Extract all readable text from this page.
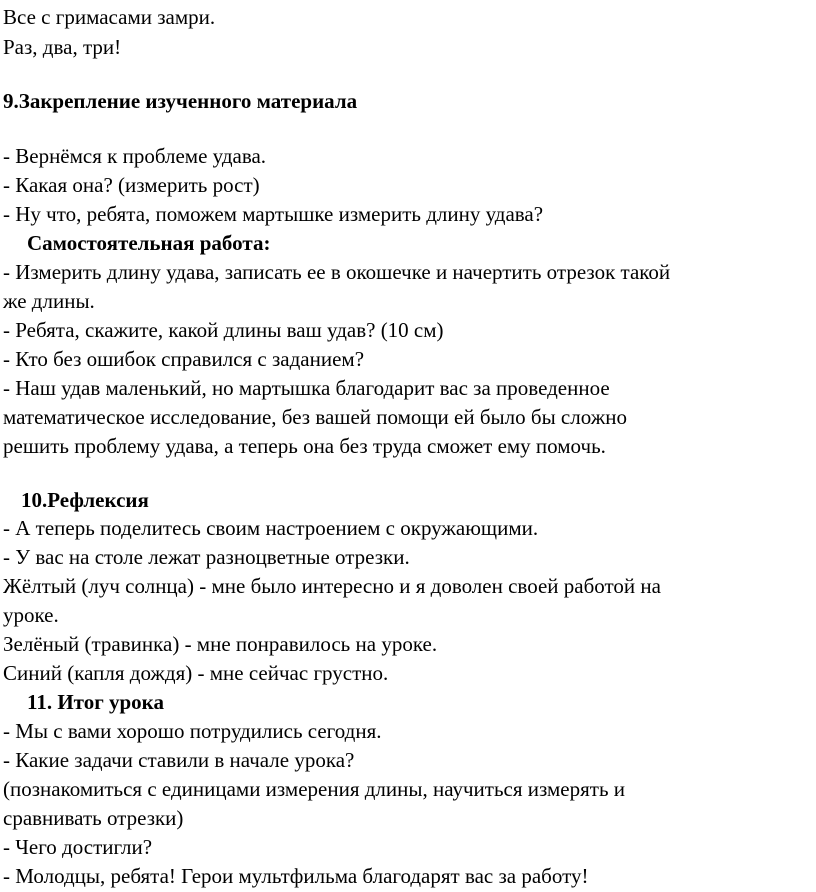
Все с гримасами замри.
Раз, два, три!
9.Закрепление изученного материала
- Вернёмся к проблеме удава.
- Какая она? (измерить рост)
- Ну что, ребята, поможем мартышке измерить длину удава?
Самостоятельная работа:
- Измерить длину удава, записать ее в окошечке и начертить отрезок такой
же длины.
- Ребята, скажите, какой длины ваш удав? (10 см)
- Кто без ошибок справился с заданием?
- Наш удав маленький, но мартышка благодарит вас за проведенное
математическое исследование, без вашей помощи ей было бы сложно
решить проблему удава, а теперь она без труда сможет ему помочь.
10.Рефлексия
- А теперь поделитесь своим настроением с окружающими.
- У вас на столе лежат разноцветные отрезки.
Жёлтый (луч солнца) - мне было интересно и я доволен своей работой на
уроке.
Зелёный (травинка) - мне понравилось на уроке.
Синий (капля дождя) - мне сейчас грустно.
11. Итог урока
- Мы с вами хорошо потрудились сегодня.
- Какие задачи ставили в начале урока?
(познакомиться с единицами измерения длины, научиться измерять и
сравнивать отрезки)
- Чего достигли?
- Молодцы, ребята! Герои мультфильма благодарят вас за работу!
